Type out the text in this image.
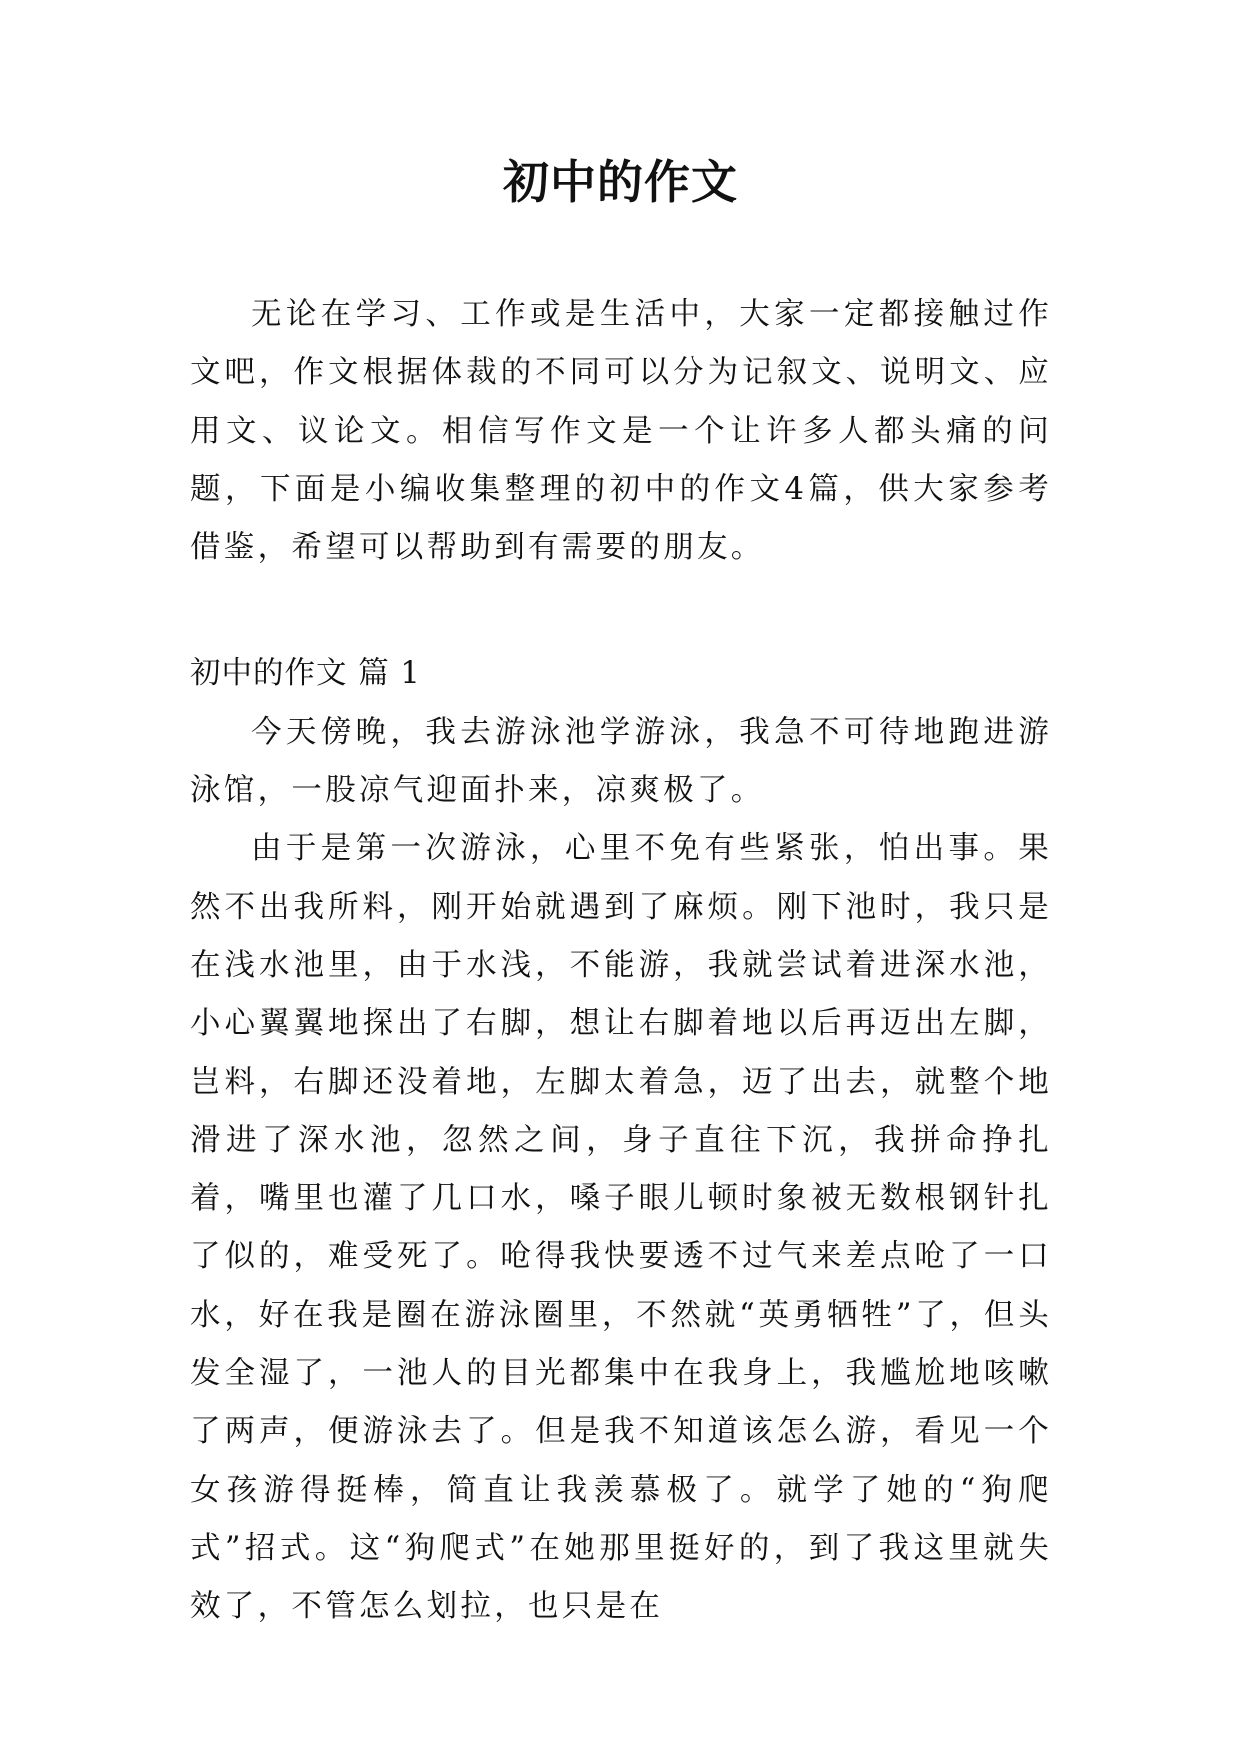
初中的作文

无论在学习、工作或是生活中，大家一定都接触过作文吧，作文根据体裁的不同可以分为记叙文、说明文、应用文、议论文。相信写作文是一个让许多人都头痛的问题，下面是小编收集整理的初中的作文4篇，供大家参考借鉴，希望可以帮助到有需要的朋友。

初中的作文 篇 1

今天傍晚，我去游泳池学游泳，我急不可待地跑进游泳馆，一股凉气迎面扑来，凉爽极了。

由于是第一次游泳，心里不免有些紧张，怕出事。果然不出我所料，刚开始就遇到了麻烦。刚下池时，我只是在浅水池里，由于水浅，不能游，我就尝试着进深水池，小心翼翼地探出了右脚，想让右脚着地以后再迈出左脚，岂料，右脚还没着地，左脚太着急，迈了出去，就整个地滑进了深水池，忽然之间，身子直往下沉，我拼命挣扎着，嘴里也灌了几口水，嗓子眼儿顿时象被无数根钢针扎了似的，难受死了。呛得我快要透不过气来差点呛了一口水，好在我是圈在游泳圈里，不然就“英勇牺牲”了，但头发全湿了，一池人的目光都集中在我身上，我尴尬地咳嗽了两声，便游泳去了。但是我不知道该怎么游，看见一个女孩游得挺棒，简直让我羡慕极了。就学了她的“狗爬式”招式。这“狗爬式”在她那里挺好的，到了我这里就失效了，不管怎么划拉，也只是在
